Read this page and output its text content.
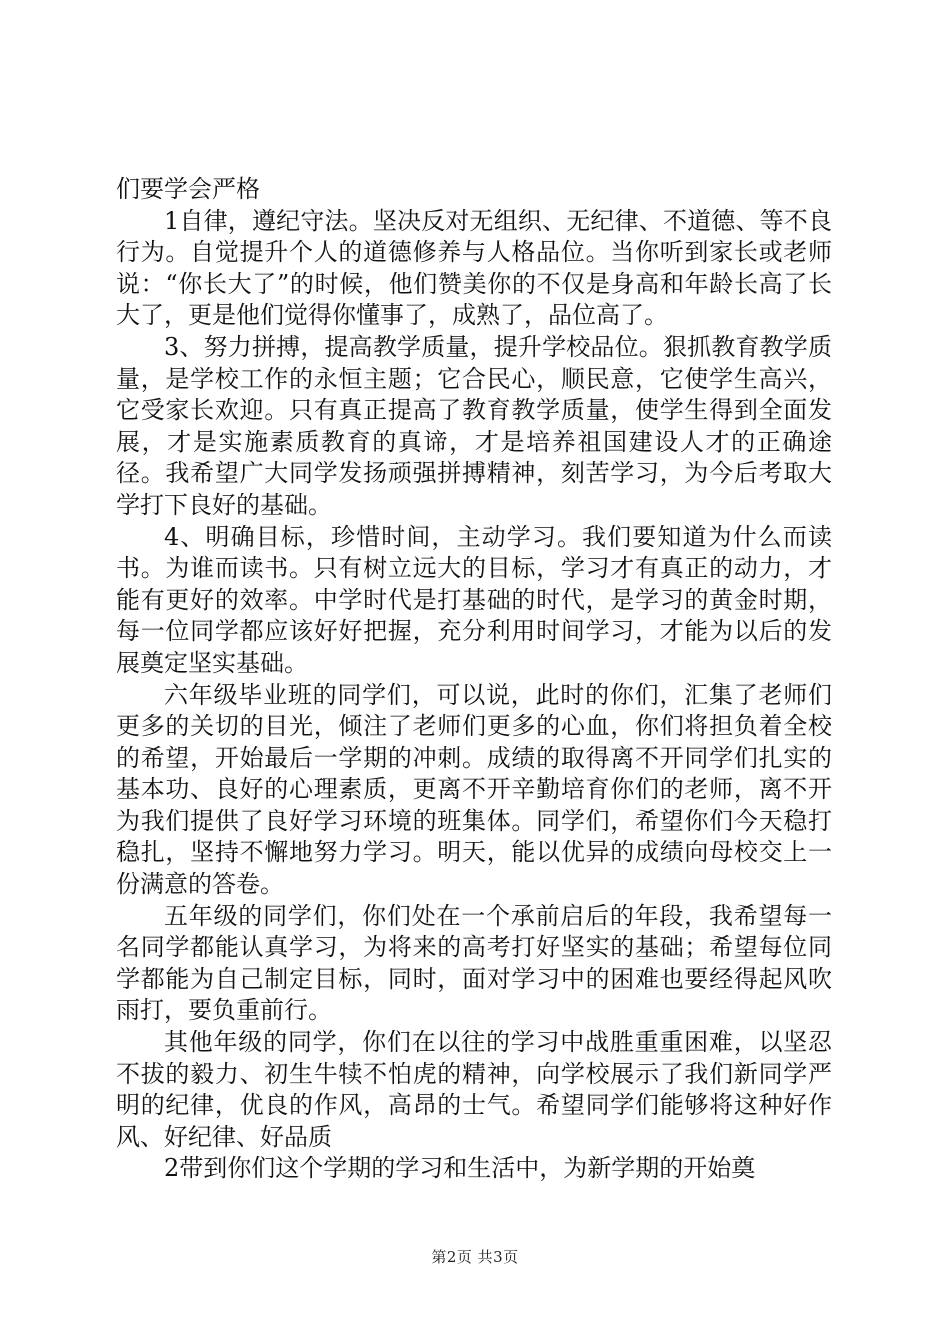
们要学会严格

1自律，遵纪守法。坚决反对无组织、无纪律、不道德、等不良行为。自觉提升个人的道德修养与人格品位。当你听到家长或老师说：“你长大了”的时候，他们赞美你的不仅是身高和年龄长高了长大了，更是他们觉得你懂事了，成熟了，品位高了。

3、努力拼搏，提高教学质量，提升学校品位。狠抓教育教学质量，是学校工作的永恒主题；它合民心，顺民意，它使学生高兴，它受家长欢迎。只有真正提高了教育教学质量，使学生得到全面发展，才是实施素质教育的真谛，才是培养祖国建设人才的正确途径。我希望广大同学发扬顽强拼搏精神，刻苦学习，为今后考取大学打下良好的基础。

4、明确目标，珍惜时间，主动学习。我们要知道为什么而读书。为谁而读书。只有树立远大的目标，学习才有真正的动力，才能有更好的效率。中学时代是打基础的时代，是学习的黄金时期，每一位同学都应该好好把握，充分利用时间学习，才能为以后的发展奠定坚实基础。

六年级毕业班的同学们，可以说，此时的你们，汇集了老师们更多的关切的目光，倾注了老师们更多的心血，你们将担负着全校的希望，开始最后一学期的冲刺。成绩的取得离不开同学们扎实的基本功、良好的心理素质，更离不开辛勤培育你们的老师，离不开为我们提供了良好学习环境的班集体。同学们，希望你们今天稳打稳扎，坚持不懈地努力学习。明天，能以优异的成绩向母校交上一份满意的答卷。

五年级的同学们，你们处在一个承前启后的年段，我希望每一名同学都能认真学习，为将来的高考打好坚实的基础；希望每位同学都能为自己制定目标，同时，面对学习中的困难也要经得起风吹雨打，要负重前行。

其他年级的同学，你们在以往的学习中战胜重重困难，以坚忍不拔的毅力、初生牛犊不怕虎的精神，向学校展示了我们新同学严明的纪律，优良的作风，高昂的士气。希望同学们能够将这种好作风、好纪律、好品质

2带到你们这个学期的学习和生活中，为新学期的开始奠

第2页 共3页
